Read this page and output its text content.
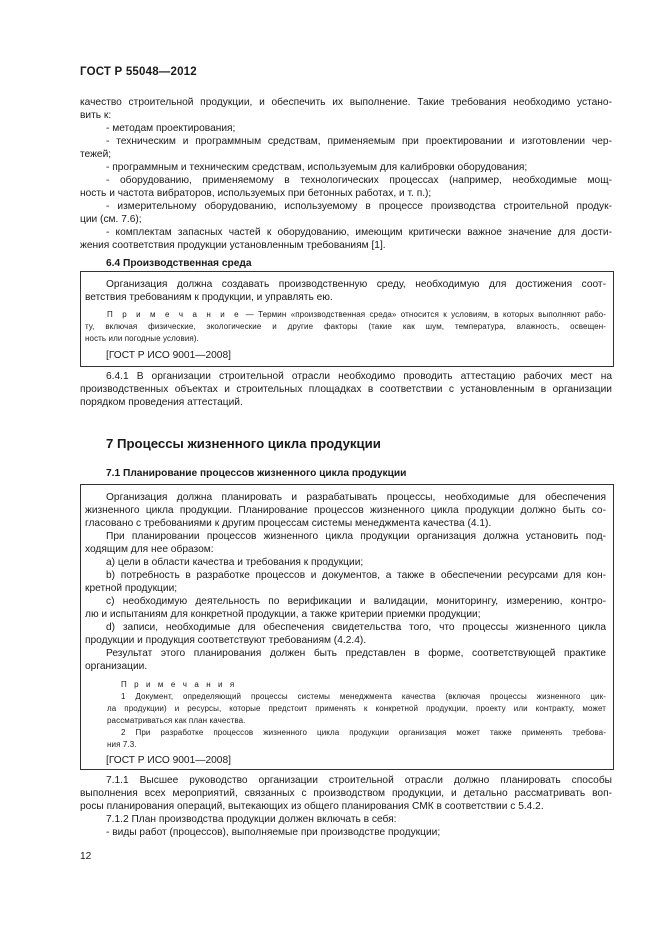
ГОСТ Р 55048—2012
качество строительной продукции, и обеспечить их выполнение. Такие требования необходимо устано-
вить к:
- методам проектирования;
- техническим и программным средствам, применяемым при проектировании и изготовлении чер-
тежей;
- программным и техническим средствам, используемым для калибровки оборудования;
- оборудованию, применяемому в технологических процессах (например, необходимые мощ-
ность и частота вибраторов, используемых при бетонных работах, и т. п.);
- измерительному оборудованию, используемому в процессе производства строительной продук-
ции (см. 7.6);
- комплектам запасных частей к оборудованию, имеющим критически важное значение для дости-
жения соответствия продукции установленным требованиям [1].
6.4 Производственная среда
Организация должна создавать производственную среду, необходимую для достижения соот-
ветствия требованиям к продукции, и управлять ею.
П р и м е ч а н и е — Термин «производственная среда» относится к условиям, в которых выполняют рабо-
ту, включая физические, экологические и другие факторы (такие как шум, температура, влажность, освещен-
ность или погодные условия).
[ГОСТ Р ИСО 9001—2008]
6.4.1 В организации строительной отрасли необходимо проводить аттестацию рабочих мест на
производственных объектах и строительных площадках в соответствии с установленным в организации
порядком проведения аттестаций.
7 Процессы жизненного цикла продукции
7.1 Планирование процессов жизненного цикла продукции
Организация должна планировать и разрабатывать процессы, необходимые для обеспечения
жизненного цикла продукции. Планирование процессов жизненного цикла продукции должно быть со-
гласовано с требованиями к другим процессам системы менеджмента качества (4.1).
При планировании процессов жизненного цикла продукции организация должна установить под-
ходящим для нее образом:
a) цели в области качества и требования к продукции;
b) потребность в разработке процессов и документов, а также в обеспечении ресурсами для кон-
кретной продукции;
c) необходимую деятельность по верификации и валидации, мониторингу, измерению, контро-
лю и испытаниям для конкретной продукции, а также критерии приемки продукции;
d) записи, необходимые для обеспечения свидетельства того, что процессы жизненного цикла
продукции и продукция соответствуют требованиям (4.2.4).
Результат этого планирования должен быть представлен в форме, соответствующей практике
организации.
П р и м е ч а н и я
1 Документ, определяющий процессы системы менеджмента качества (включая процессы жизненного цик-
ла продукции) и ресурсы, которые предстоит применять к конкретной продукции, проекту или контракту, может
рассматриваться как план качества.
2 При разработке процессов жизненного цикла продукции организация может также применять требова-
ния 7.3.
[ГОСТ Р ИСО 9001—2008]
7.1.1 Высшее руководство организации строительной отрасли должно планировать способы
выполнения всех мероприятий, связанных с производством продукции, и детально рассматривать воп-
росы планирования операций, вытекающих из общего планирования СМК в соответствии с 5.4.2.
7.1.2 План производства продукции должен включать в себя:
- виды работ (процессов), выполняемые при производстве продукции;
12
